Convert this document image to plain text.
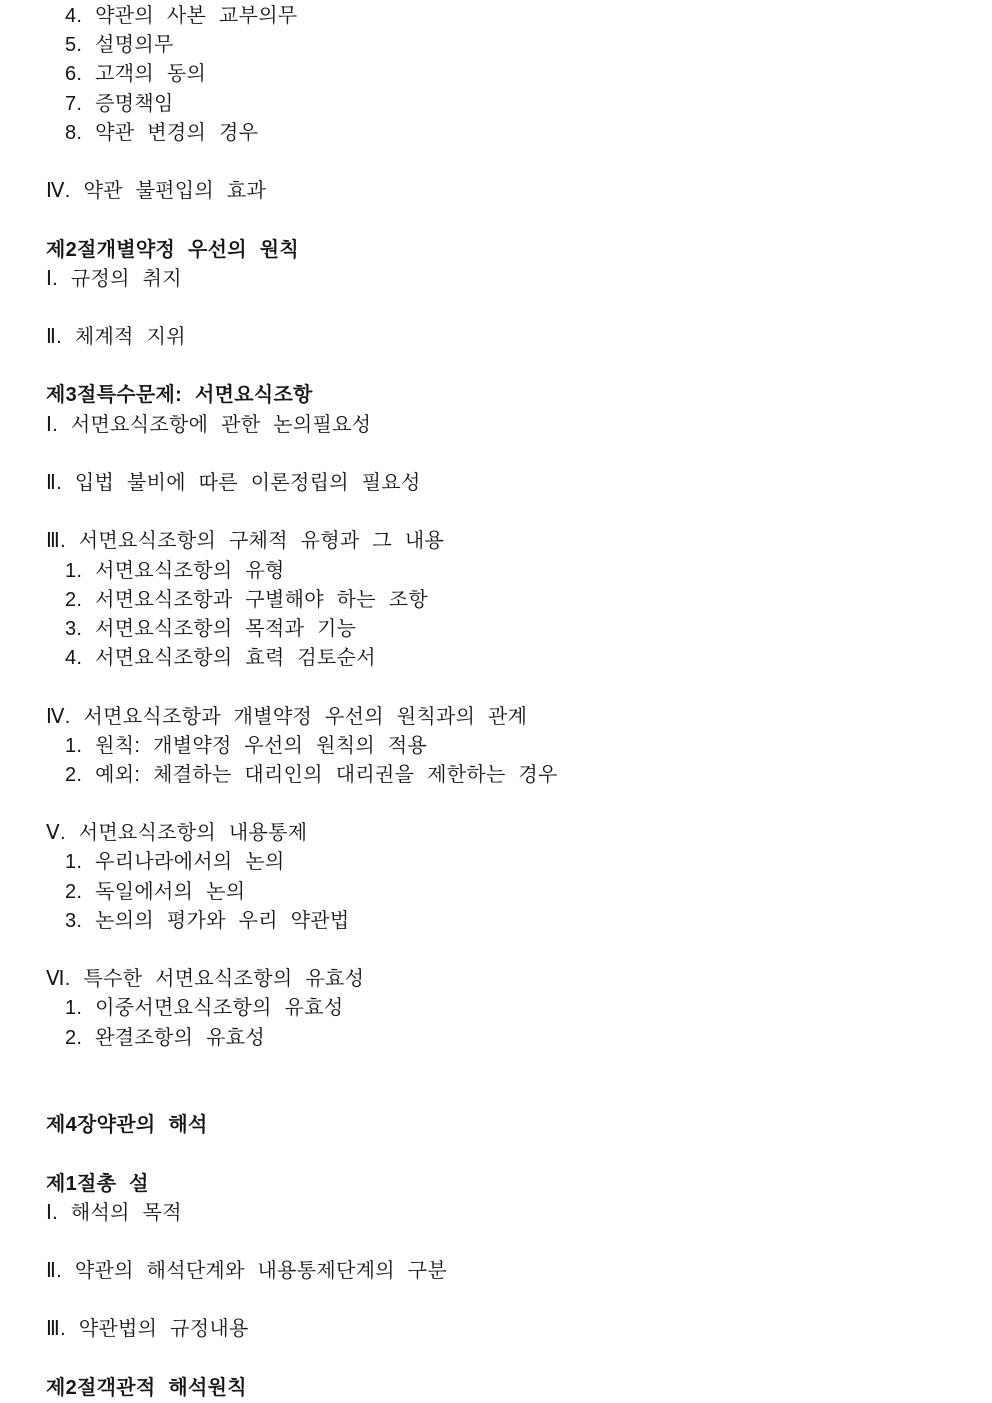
4. 약관의 사본 교부의무
5. 설명의무
6. 고객의 동의
7. 증명책임
8. 약관 변경의 경우
Ⅳ. 약관 불편입의 효과
제2절개별약정 우선의 원칙
Ⅰ. 규정의 취지
Ⅱ. 체계적 지위
제3절특수문제: 서면요식조항
Ⅰ. 서면요식조항에 관한 논의필요성
Ⅱ. 입법 불비에 따른 이론정립의 필요성
Ⅲ. 서면요식조항의 구체적 유형과 그 내용
1. 서면요식조항의 유형
2. 서면요식조항과 구별해야 하는 조항
3. 서면요식조항의 목적과 기능
4. 서면요식조항의 효력 검토순서
Ⅳ. 서면요식조항과 개별약정 우선의 원칙과의 관계
1. 원칙: 개별약정 우선의 원칙의 적용
2. 예외: 체결하는 대리인의 대리권을 제한하는 경우
Ⅴ. 서면요식조항의 내용통제
1. 우리나라에서의 논의
2. 독일에서의 논의
3. 논의의 평가와 우리 약관법
Ⅵ. 특수한 서면요식조항의 유효성
1. 이중서면요식조항의 유효성
2. 완결조항의 유효성
제4장약관의 해석
제1절총 설
Ⅰ. 해석의 목적
Ⅱ. 약관의 해석단계와 내용통제단계의 구분
Ⅲ. 약관법의 규정내용
제2절객관적 해석원칙
